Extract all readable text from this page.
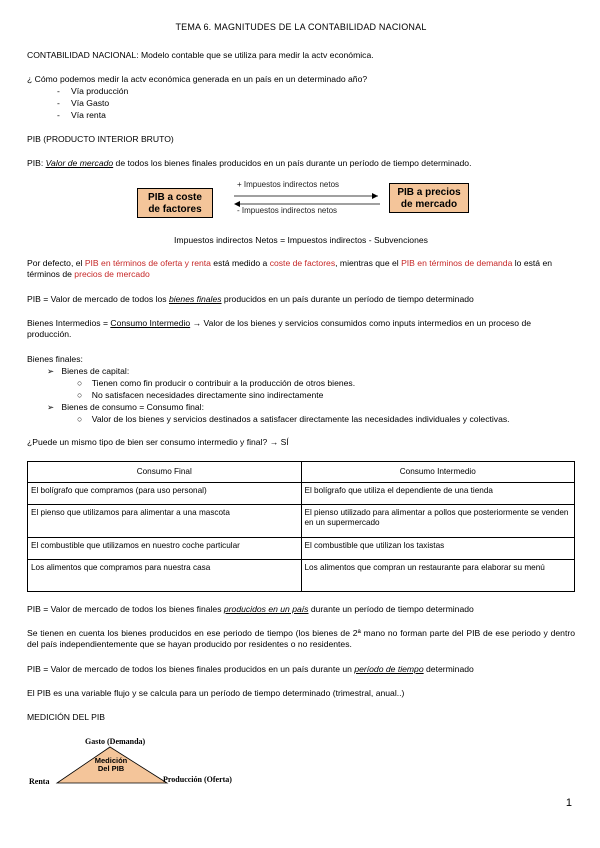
TEMA 6. MAGNITUDES DE LA CONTABILIDAD NACIONAL
CONTABILIDAD NACIONAL: Modelo contable que se utiliza para medir la actv económica.
¿ Cómo podemos medir la actv económica generada en un país en un determinado año?
- Vía producción
- Vía Gasto
- Vía renta
PIB (PRODUCTO INTERIOR BRUTO)
PIB: Valor de mercado de todos los bienes finales producidos en un país durante un período de tiempo determinado.
PIB a coste
de factores
PIB a precios
de mercado
+ Impuestos indirectos netos
- Impuestos indirectos netos
Impuestos indirectos Netos = Impuestos indirectos - Subvenciones
Por defecto, el PIB en términos de oferta y renta está medido a coste de factores, mientras que el PIB en términos de demanda lo está en términos de precios de mercado
PIB = Valor de mercado de todos los bienes finales producidos en un país durante un período de tiempo determinado
Bienes Intermedios = Consumo Intermedio → Valor de los bienes y servicios consumidos como inputs intermedios en un proceso de producción.
Bienes finales:
➢   Bienes de capital:
○    Tienen como fin producir o contribuir a la producción de otros bienes.
○    No satisfacen necesidades directamente sino indirectamente
➢   Bienes de consumo = Consumo final:
○    Valor de los bienes y servicios destinados a satisfacer directamente las necesidades individuales y colectivas.
¿Puede un mismo tipo de bien ser consumo intermedio y final? → SÍ
Consumo Final	Consumo Intermedio
El bolígrafo que compramos (para uso personal)	El bolígrafo que utiliza el dependiente de una tienda
El pienso que utilizamos para alimentar a una mascota	El pienso utilizado para alimentar a pollos que posteriormente se venden en un supermercado
El combustible que utilizamos en nuestro coche particular	El combustible que utilizan los taxistas
Los alimentos que compramos para nuestra casa	Los alimentos que compran un restaurante para elaborar su menú
PIB = Valor de mercado de todos los bienes finales producidos en un país durante un período de tiempo determinado
Se tienen en cuenta los bienes producidos en ese periodo de tiempo (los bienes de 2ª mano no forman parte del PIB de ese periodo y dentro del país independientemente que se hayan producido por residentes o no residentes.
PIB = Valor de mercado de todos los bienes finales producidos en un país durante un período de tiempo determinado
El PIB es una variable flujo y se calcula para un período de tiempo determinado (trimestral, anual..)
MEDICIÓN DEL PIB
Medición
Del PIB
Gasto (Demanda)
Renta	Producción (Oferta)
1
